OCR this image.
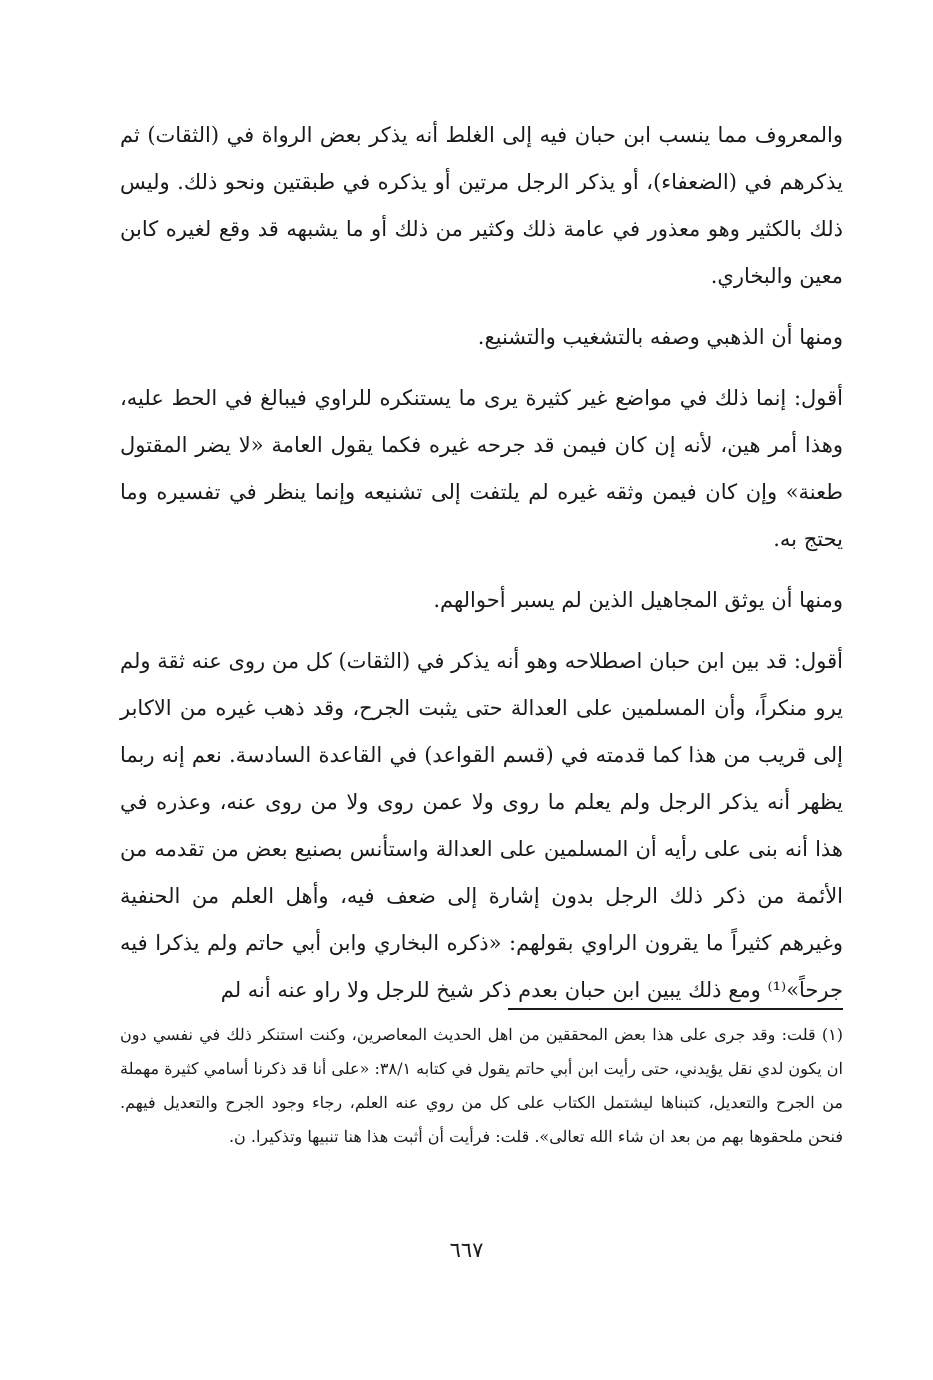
والمعروف مما ينسب ابن حبان فيه إلى الغلط أنه يذكر بعض الرواة في (الثقات) ثم يذكرهم في (الضعفاء)، أو يذكر الرجل مرتين أو يذكره في طبقتين ونحو ذلك. وليس ذلك بالكثير وهو معذور في عامة ذلك وكثير من ذلك أو ما يشبهه قد وقع لغيره كابن معين والبخاري.

ومنها أن الذهبي وصفه بالتشغيب والتشنيع.

أقول: إنما ذلك في مواضع غير كثيرة يرى ما يستنكره للراوي فيبالغ في الحط عليه، وهذا أمر هين، لأنه إن كان فيمن قد جرحه غيره فكما يقول العامة «لا يضر المقتول طعنة» وإن كان فيمن وثقه غيره لم يلتفت إلى تشنيعه وإنما ينظر في تفسيره وما يحتج به.

ومنها أن يوثق المجاهيل الذين لم يسبر أحوالهم.

أقول: قد بين ابن حبان اصطلاحه وهو أنه يذكر في (الثقات) كل من روى عنه ثقة ولم يرو منكراً، وأن المسلمين على العدالة حتى يثبت الجرح، وقد ذهب غيره من الاكابر إلى قريب من هذا كما قدمته في (قسم القواعد) في القاعدة السادسة. نعم إنه ربما يظهر أنه يذكر الرجل ولم يعلم ما روى ولا عمن روى ولا من روى عنه، وعذره في هذا أنه بنى على رأيه أن المسلمين على العدالة واستأنس بصنيع بعض من تقدمه من الأئمة من ذكر ذلك الرجل بدون إشارة إلى ضعف فيه، وأهل العلم من الحنفية وغيرهم كثيراً ما يقرون الراوي بقولهم: «ذكره البخاري وابن أبي حاتم ولم يذكرا فيه جرحاً»⁽¹⁾ ومع ذلك يبين ابن حبان بعدم ذكر شيخ للرجل ولا راو عنه أنه لم

(١) قلت: وقد جرى على هذا بعض المحققين من اهل الحديث المعاصرين، وكنت استنكر ذلك في نفسي دون ان يكون لدي نقل يؤيدني، حتى رأيت ابن أبي حاتم يقول في كتابه ٣٨/١: «على أنا قد ذكرنا أسامي كثيرة مهملة من الجرح والتعديل، كتبناها ليشتمل الكتاب على كل من روي عنه العلم، رجاء وجود الجرح والتعديل فيهم. فنحن ملحقوها بهم من بعد ان شاء الله تعالى». قلت: فرأيت أن أثبت هذا هنا تنبيها وتذكيرا. ن.

٦٦٧
